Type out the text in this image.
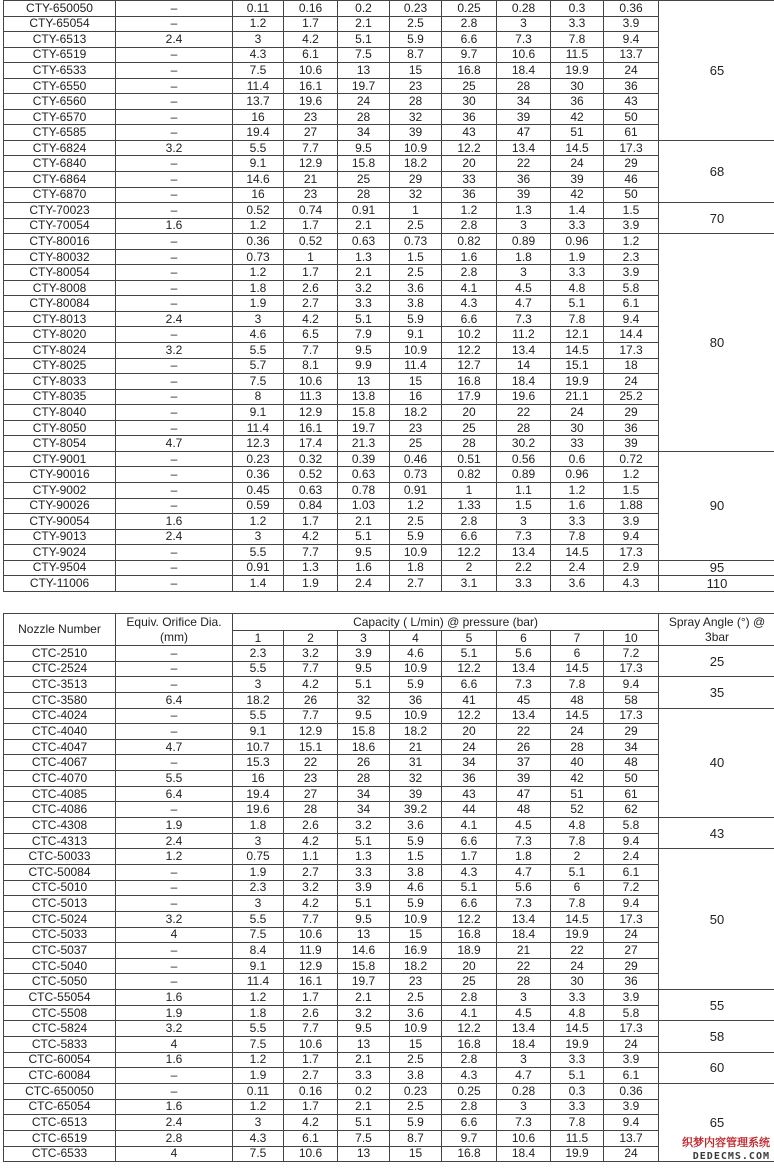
CTY-650050	–	0.11	0.16	0.2	0.23	0.25	0.28	0.3	0.36	65
CTY-65054	–	1.2	1.7	2.1	2.5	2.8	3	3.3	3.9	
CTY-6513	2.4	3	4.2	5.1	5.9	6.6	7.3	7.8	9.4	
CTY-6519	–	4.3	6.1	7.5	8.7	9.7	10.6	11.5	13.7	
CTY-6533	–	7.5	10.6	13	15	16.8	18.4	19.9	24	
CTY-6550	–	11.4	16.1	19.7	23	25	28	30	36	
CTY-6560	–	13.7	19.6	24	28	30	34	36	43	
CTY-6570	–	16	23	28	32	36	39	42	50	
CTY-6585	–	19.4	27	34	39	43	47	51	61	
CTY-6824	3.2	5.5	7.7	9.5	10.9	12.2	13.4	14.5	17.3	68
CTY-6840	–	9.1	12.9	15.8	18.2	20	22	24	29	
CTY-6864	–	14.6	21	25	29	33	36	39	46	
CTY-6870	–	16	23	28	32	36	39	42	50	
CTY-70023	–	0.52	0.74	0.91	1	1.2	1.3	1.4	1.5	70
CTY-70054	1.6	1.2	1.7	2.1	2.5	2.8	3	3.3	3.9	
CTY-80016	–	0.36	0.52	0.63	0.73	0.82	0.89	0.96	1.2	80
CTY-80032	–	0.73	1	1.3	1.5	1.6	1.8	1.9	2.3	
CTY-80054	–	1.2	1.7	2.1	2.5	2.8	3	3.3	3.9	
CTY-8008	–	1.8	2.6	3.2	3.6	4.1	4.5	4.8	5.8	
CTY-80084	–	1.9	2.7	3.3	3.8	4.3	4.7	5.1	6.1	
CTY-8013	2.4	3	4.2	5.1	5.9	6.6	7.3	7.8	9.4	
CTY-8020	–	4.6	6.5	7.9	9.1	10.2	11.2	12.1	14.4	
CTY-8024	3.2	5.5	7.7	9.5	10.9	12.2	13.4	14.5	17.3	
CTY-8025	–	5.7	8.1	9.9	11.4	12.7	14	15.1	18	
CTY-8033	–	7.5	10.6	13	15	16.8	18.4	19.9	24	
CTY-8035	–	8	11.3	13.8	16	17.9	19.6	21.1	25.2	
CTY-8040	–	9.1	12.9	15.8	18.2	20	22	24	29	
CTY-8050	–	11.4	16.1	19.7	23	25	28	30	36	
CTY-8054	4.7	12.3	17.4	21.3	25	28	30.2	33	39	
CTY-9001	–	0.23	0.32	0.39	0.46	0.51	0.56	0.6	0.72	90
CTY-90016	–	0.36	0.52	0.63	0.73	0.82	0.89	0.96	1.2	
CTY-9002	–	0.45	0.63	0.78	0.91	1	1.1	1.2	1.5	
CTY-90026	–	0.59	0.84	1.03	1.2	1.33	1.5	1.6	1.88	
CTY-90054	1.6	1.2	1.7	2.1	2.5	2.8	3	3.3	3.9	
CTY-9013	2.4	3	4.2	5.1	5.9	6.6	7.3	7.8	9.4	
CTY-9024	–	5.5	7.7	9.5	10.9	12.2	13.4	14.5	17.3	
CTY-9504	–	0.91	1.3	1.6	1.8	2	2.2	2.4	2.9	95
CTY-11006	–	1.4	1.9	2.4	2.7	3.1	3.3	3.6	4.3	110
Nozzle Number	Equiv. Orifice Dia.(mm)	Capacity ( L/min) @ pressure (bar)								Spray Angle (°) @ 3bar
		1	2	3	4	5	6	7	10	
CTC-2510	–	2.3	3.2	3.9	4.6	5.1	5.6	6	7.2	25
CTC-2524	–	5.5	7.7	9.5	10.9	12.2	13.4	14.5	17.3	
CTC-3513	–	3	4.2	5.1	5.9	6.6	7.3	7.8	9.4	35
CTC-3580	6.4	18.2	26	32	36	41	45	48	58	
CTC-4024	–	5.5	7.7	9.5	10.9	12.2	13.4	14.5	17.3	40
CTC-4040	–	9.1	12.9	15.8	18.2	20	22	24	29	
CTC-4047	4.7	10.7	15.1	18.6	21	24	26	28	34	
CTC-4067	–	15.3	22	26	31	34	37	40	48	
CTC-4070	5.5	16	23	28	32	36	39	42	50	
CTC-4085	6.4	19.4	27	34	39	43	47	51	61	
CTC-4086	–	19.6	28	34	39.2	44	48	52	62	
CTC-4308	1.9	1.8	2.6	3.2	3.6	4.1	4.5	4.8	5.8	43
CTC-4313	2.4	3	4.2	5.1	5.9	6.6	7.3	7.8	9.4	
CTC-50033	1.2	0.75	1.1	1.3	1.5	1.7	1.8	2	2.4	50
CTC-50084	–	1.9	2.7	3.3	3.8	4.3	4.7	5.1	6.1	
CTC-5010	–	2.3	3.2	3.9	4.6	5.1	5.6	6	7.2	
CTC-5013	–	3	4.2	5.1	5.9	6.6	7.3	7.8	9.4	
CTC-5024	3.2	5.5	7.7	9.5	10.9	12.2	13.4	14.5	17.3	
CTC-5033	4	7.5	10.6	13	15	16.8	18.4	19.9	24	
CTC-5037	–	8.4	11.9	14.6	16.9	18.9	21	22	27	
CTC-5040	–	9.1	12.9	15.8	18.2	20	22	24	29	
CTC-5050	–	11.4	16.1	19.7	23	25	28	30	36	
CTC-55054	1.6	1.2	1.7	2.1	2.5	2.8	3	3.3	3.9	55
CTC-5508	1.9	1.8	2.6	3.2	3.6	4.1	4.5	4.8	5.8	
CTC-5824	3.2	5.5	7.7	9.5	10.9	12.2	13.4	14.5	17.3	58
CTC-5833	4	7.5	10.6	13	15	16.8	18.4	19.9	24	
CTC-60054	1.6	1.2	1.7	2.1	2.5	2.8	3	3.3	3.9	60
CTC-60084	–	1.9	2.7	3.3	3.8	4.3	4.7	5.1	6.1	
CTC-650050	–	0.11	0.16	0.2	0.23	0.25	0.28	0.3	0.36	65
CTC-65054	1.6	1.2	1.7	2.1	2.5	2.8	3	3.3	3.9	
CTC-6513	2.4	3	4.2	5.1	5.9	6.6	7.3	7.8	9.4	
CTC-6519	2.8	4.3	6.1	7.5	8.7	9.7	10.6	11.5	13.7	
CTC-6533	4	7.5	10.6	13	15	16.8	18.4	19.9	24	
织梦内容管理系统
DEDECMS.COM
